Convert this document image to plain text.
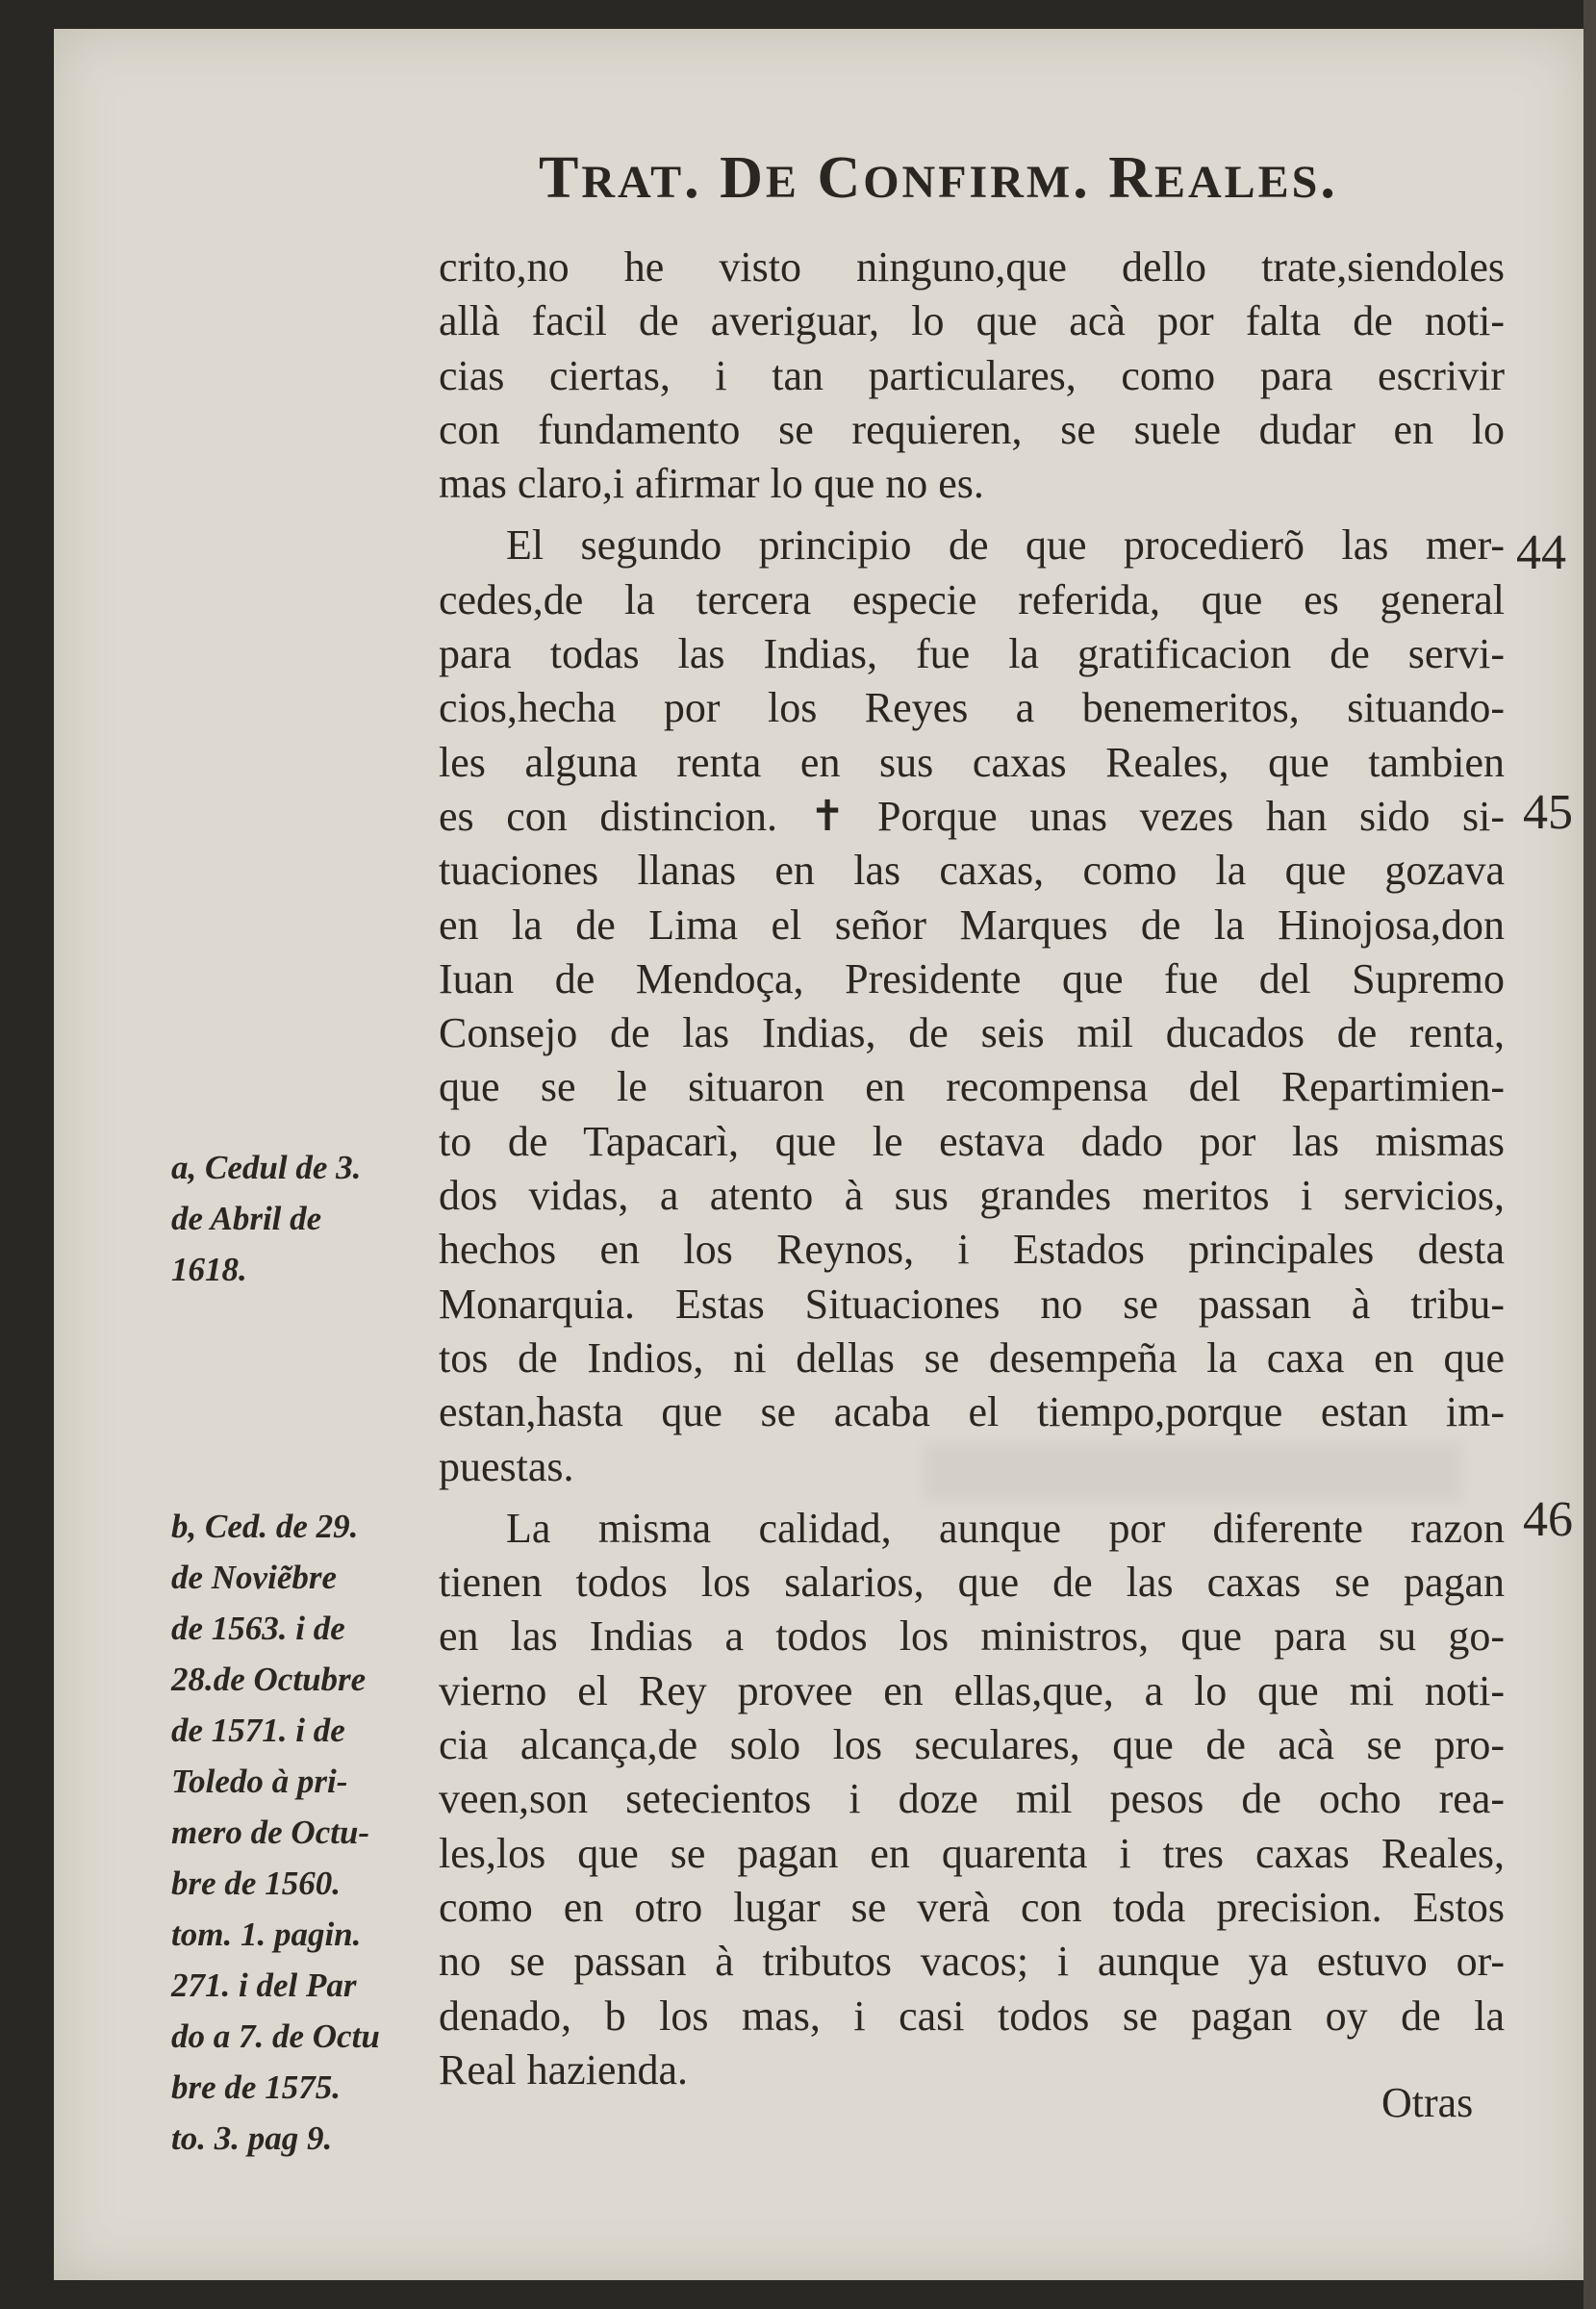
TRAT. DE CONFIRM. REALES.
crito,no he visto ninguno,que dello trate,siendoles
allà facil de averiguar, lo que acà por falta de noti-
cias ciertas, i tan particulares, como para escrivir
con fundamento se requieren, se suele dudar en lo
mas claro,i afirmar lo que no es.
El segundo principio de que procedierõ las mer-
cedes,de la tercera especie referida, que es general
para todas las Indias, fue la gratificacion de servi-
cios,hecha por los Reyes a benemeritos, situando-
les alguna renta en sus caxas Reales, que tambien
es con distincion. ✝ Porque unas vezes han sido si-
tuaciones llanas en las caxas, como la que gozava
en la de Lima el señor Marques de la Hinojosa,don
Iuan de Mendoça, Presidente que fue del Supremo
Consejo de las Indias, de seis mil ducados de renta,
que se le situaron en recompensa del Repartimien-
to de Tapacarì, que le estava dado por las mismas
dos vidas, a atento à sus grandes meritos i servicios,
hechos en los Reynos, i Estados principales desta
Monarquia. Estas Situaciones no se passan à tribu-
tos de Indios, ni dellas se desempeña la caxa en que
estan,hasta que se acaba el tiempo,porque estan im-
puestas.
La misma calidad, aunque por diferente razon
tienen todos los salarios, que de las caxas se pagan
en las Indias a todos los ministros, que para su go-
vierno el Rey provee en ellas,que, a lo que mi noti-
cia alcança,de solo los seculares, que de acà se pro-
veen,son setecientos i doze mil pesos de ocho rea-
les,los que se pagan en quarenta i tres caxas Reales,
como en otro lugar se verà con toda precision. Estos
no se passan à tributos vacos; i aunque ya estuvo or-
denado, b los mas, i casi todos se pagan oy de la
Real hazienda.
44
45
46
a, Cedul de 3.
de Abril de
1618.
b, Ced. de 29.
de Noviẽbre
de 1563. i de
28.de Octubre
de 1571. i de
Toledo à pri-
mero de Octu-
bre de 1560.
tom. 1. pagin.
271. i del Par
do a 7. de Octu
bre de 1575.
to. 3. pag 9.
Otras
